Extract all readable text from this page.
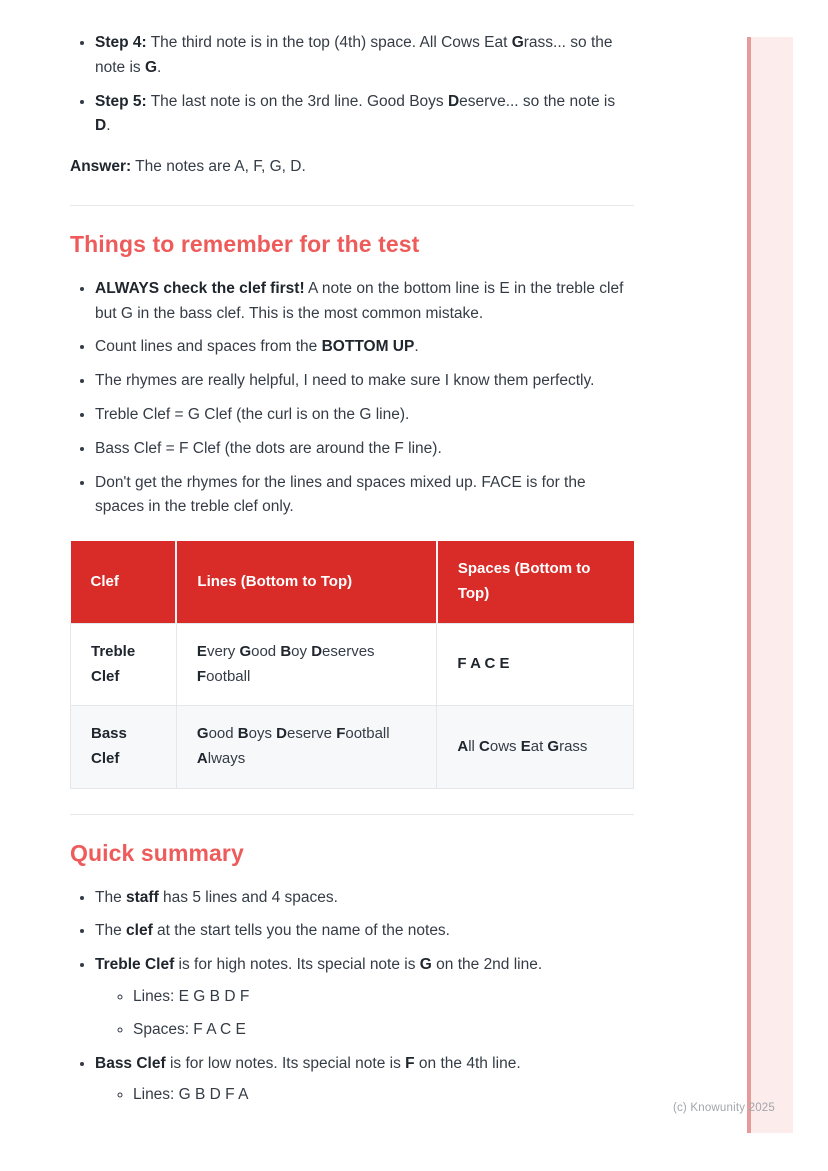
• Step 4: The third note is in the top (4th) space. All Cows Eat Grass... so the note is G.
• Step 5: The last note is on the 3rd line. Good Boys Deserve... so the note is D.

Answer: The notes are A, F, G, D.

Things to remember for the test
• ALWAYS check the clef first! A note on the bottom line is E in the treble clef but G in the bass clef. This is the most common mistake.
• Count lines and spaces from the BOTTOM UP.
• The rhymes are really helpful, I need to make sure I know them perfectly.
• Treble Clef = G Clef (the curl is on the G line).
• Bass Clef = F Clef (the dots are around the F line).
• Don't get the rhymes for the lines and spaces mixed up. FACE is for the spaces in the treble clef only.
Clef	Lines (Bottom to Top)	Spaces (Bottom to Top)
Treble Clef	Every Good Boy Deserves Football	F A C E
Bass Clef	Good Boys Deserve Football Always	All Cows Eat Grass
Quick summary
• The staff has 5 lines and 4 spaces.
• The clef at the start tells you the name of the notes.
• Treble Clef is for high notes. Its special note is G on the 2nd line.
◦ Lines: E G B D F
◦ Spaces: F A C E
• Bass Clef is for low notes. Its special note is F on the 4th line.
◦ Lines: G B D F A
(c) Knowunity 2025
